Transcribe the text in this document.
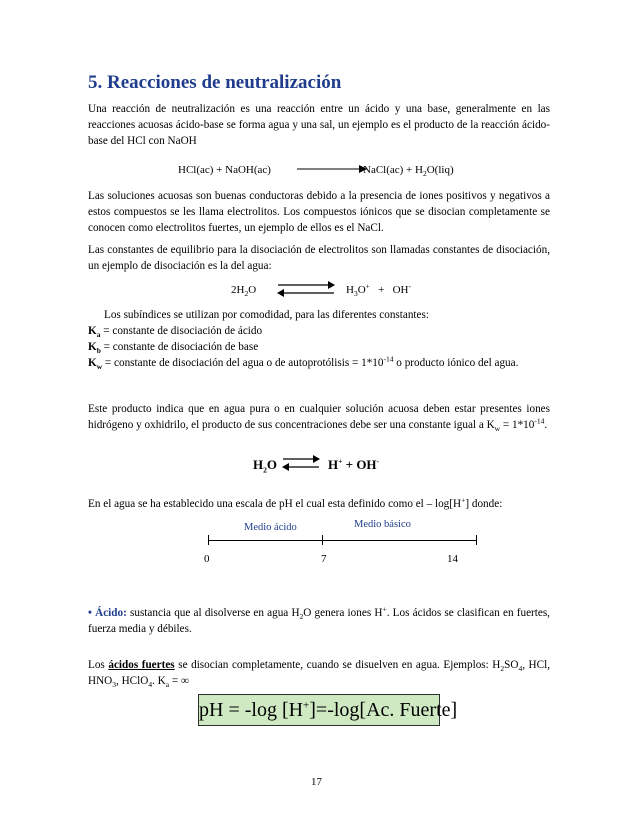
5. Reacciones de neutralización
Una reacción de neutralización es una reacción entre un ácido y una base, generalmente en las reacciones acuosas ácido-base se forma agua y una sal, un ejemplo es el producto de la reacción ácido-base del HCl con NaOH
HCl(ac) + NaOH(ac)	NaCl(ac) + $H_2O(liq)$
Las soluciones acuosas son buenas conductoras debido a la presencia de iones positivos y negativos a estos compuestos se les llama electrolitos. Los compuestos iónicos que se disocian completamente se conocen como electrolitos fuertes, un ejemplo de ellos es el NaCl.
Las constantes de equilibrio para la disociación de electrolitos son llamadas constantes de disociación, un ejemplo de disociación es la del agua:
$2H_2O$ ⇌ $H_3O^+ + OH^-$
Los subíndices se utilizan por comodidad, para las diferentes constantes:
$K_a$ = constante de disociación de ácido
$K_b$ = constante de disociación de base
$K_w$ = constante de disociación del agua o de autoprotólisis = $1*10^{-14}$ o producto iónico del agua.
Este producto indica que en agua pura o en cualquier solución acuosa deben estar presentes iones hidrógeno y oxhidrilo, el producto de sus concentraciones debe ser una constante igual a $K_w = 1*10^{-14}$.
$H_2O$ ⇌ H+ + OH-
En el agua se ha establecido una escala de pH el cual esta definido como el – log[H+] donde:
Medio ácido	Medio básico
0	7	14
• Ácido: sustancia que al disolverse en agua $H_2O$ genera iones H+. Los ácidos se clasifican en fuertes, fuerza media y débiles.
Los ácidos fuertes se disocian completamente, cuando se disuelven en agua. Ejemplos: $H_2SO_4$, HCl, $HNO_3$, HClO$_4$. $K_a$ = ∞
pH = -log [H+]=-log[Ac. Fuerte]
17
